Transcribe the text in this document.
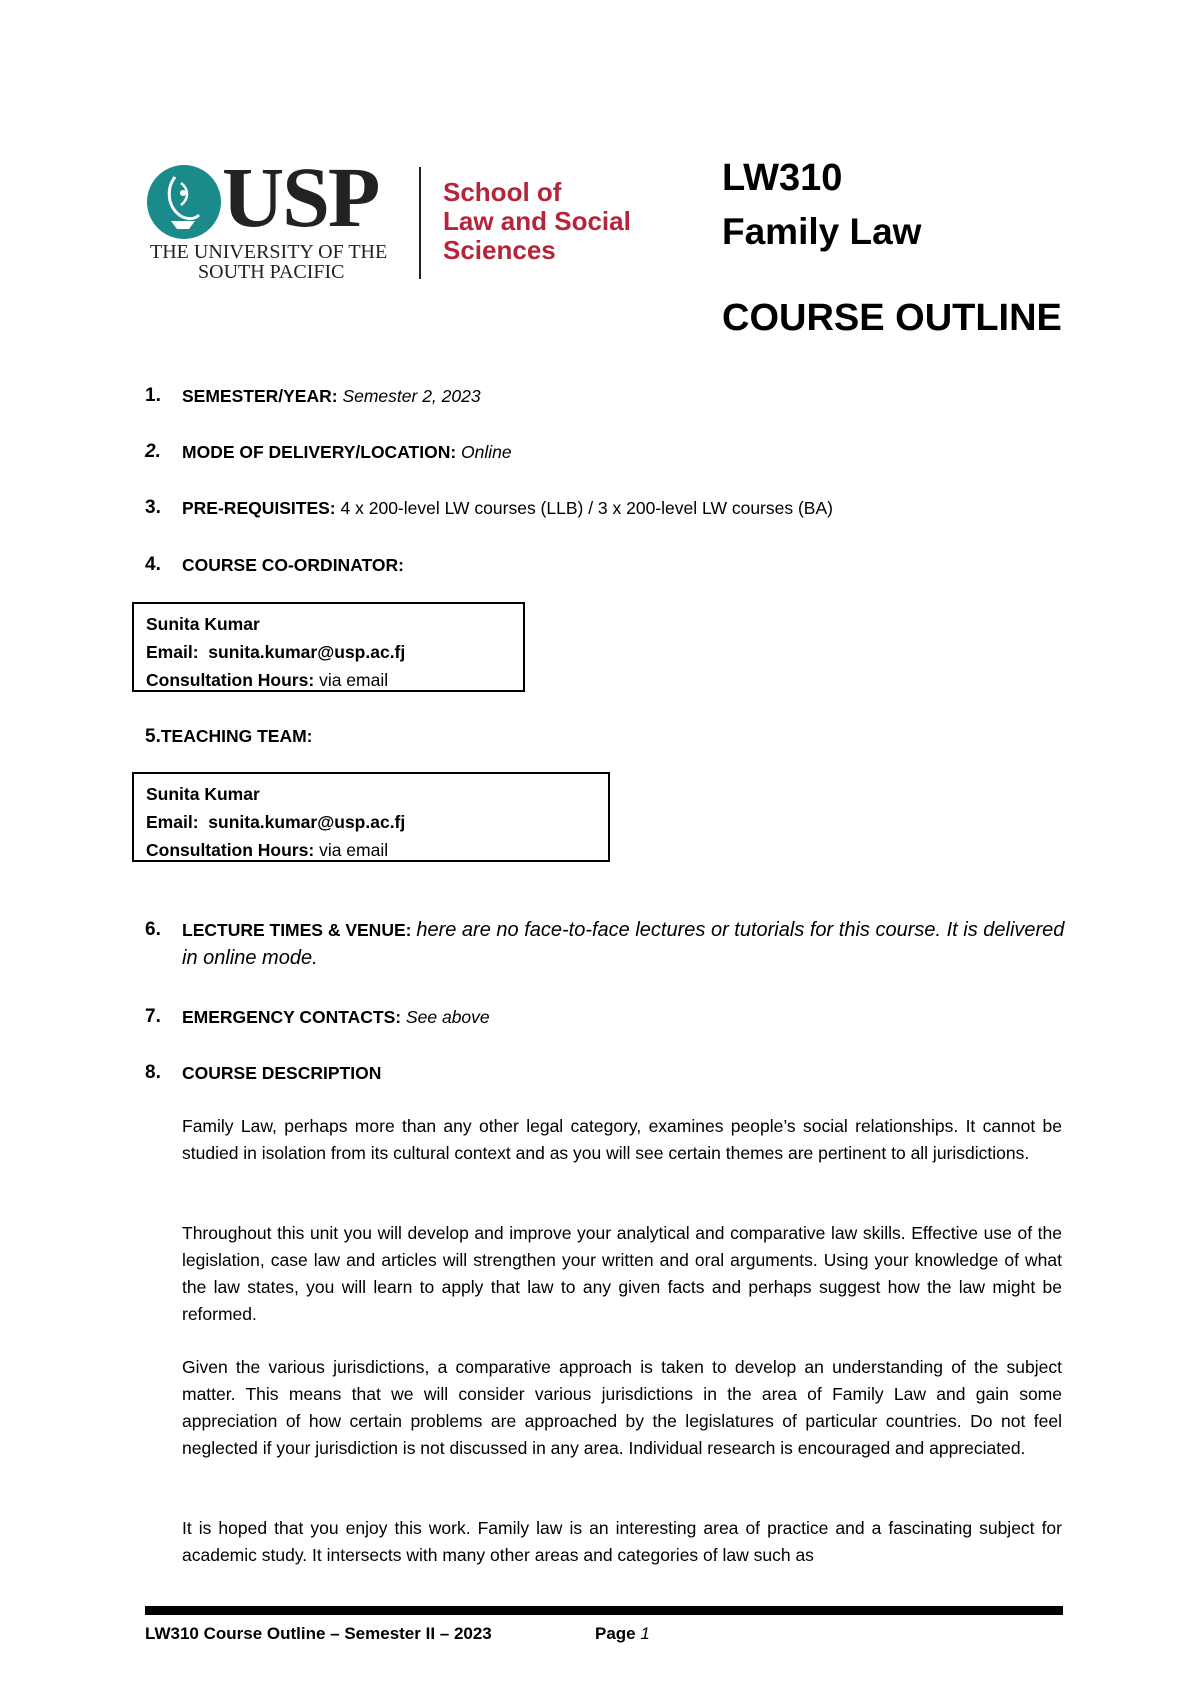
USP
THE UNIVERSITY OF THE
SOUTH PACIFIC
School of
Law and Social
Sciences
LW310
Family Law
COURSE OUTLINE
1. SEMESTER/YEAR: Semester 2, 2023
2. MODE OF DELIVERY/LOCATION: Online
3. PRE-REQUISITES: 4 x 200-level LW courses (LLB) / 3 x 200-level LW courses (BA)
4. COURSE CO-ORDINATOR:
Sunita Kumar
Email: sunita.kumar@usp.ac.fj
Consultation Hours: via email
5.TEACHING TEAM:
Sunita Kumar
Email: sunita.kumar@usp.ac.fj
Consultation Hours: via email
6. LECTURE TIMES & VENUE: here are no face-to-face lectures or tutorials for this course. It is delivered in online mode.
7. EMERGENCY CONTACTS: See above
8. COURSE DESCRIPTION
Family Law, perhaps more than any other legal category, examines people’s social relationships. It cannot be studied in isolation from its cultural context and as you will see certain themes are pertinent to all jurisdictions.
Throughout this unit you will develop and improve your analytical and comparative law skills. Effective use of the legislation, case law and articles will strengthen your written and oral arguments. Using your knowledge of what the law states, you will learn to apply that law to any given facts and perhaps suggest how the law might be reformed.
Given the various jurisdictions, a comparative approach is taken to develop an understanding of the subject matter. This means that we will consider various jurisdictions in the area of Family Law and gain some appreciation of how certain problems are approached by the legislatures of particular countries. Do not feel neglected if your jurisdiction is not discussed in any area. Individual research is encouraged and appreciated.
It is hoped that you enjoy this work. Family law is an interesting area of practice and a fascinating subject for academic study. It intersects with many other areas and categories of law such as
LW310 Course Outline – Semester II – 2023	Page 1
